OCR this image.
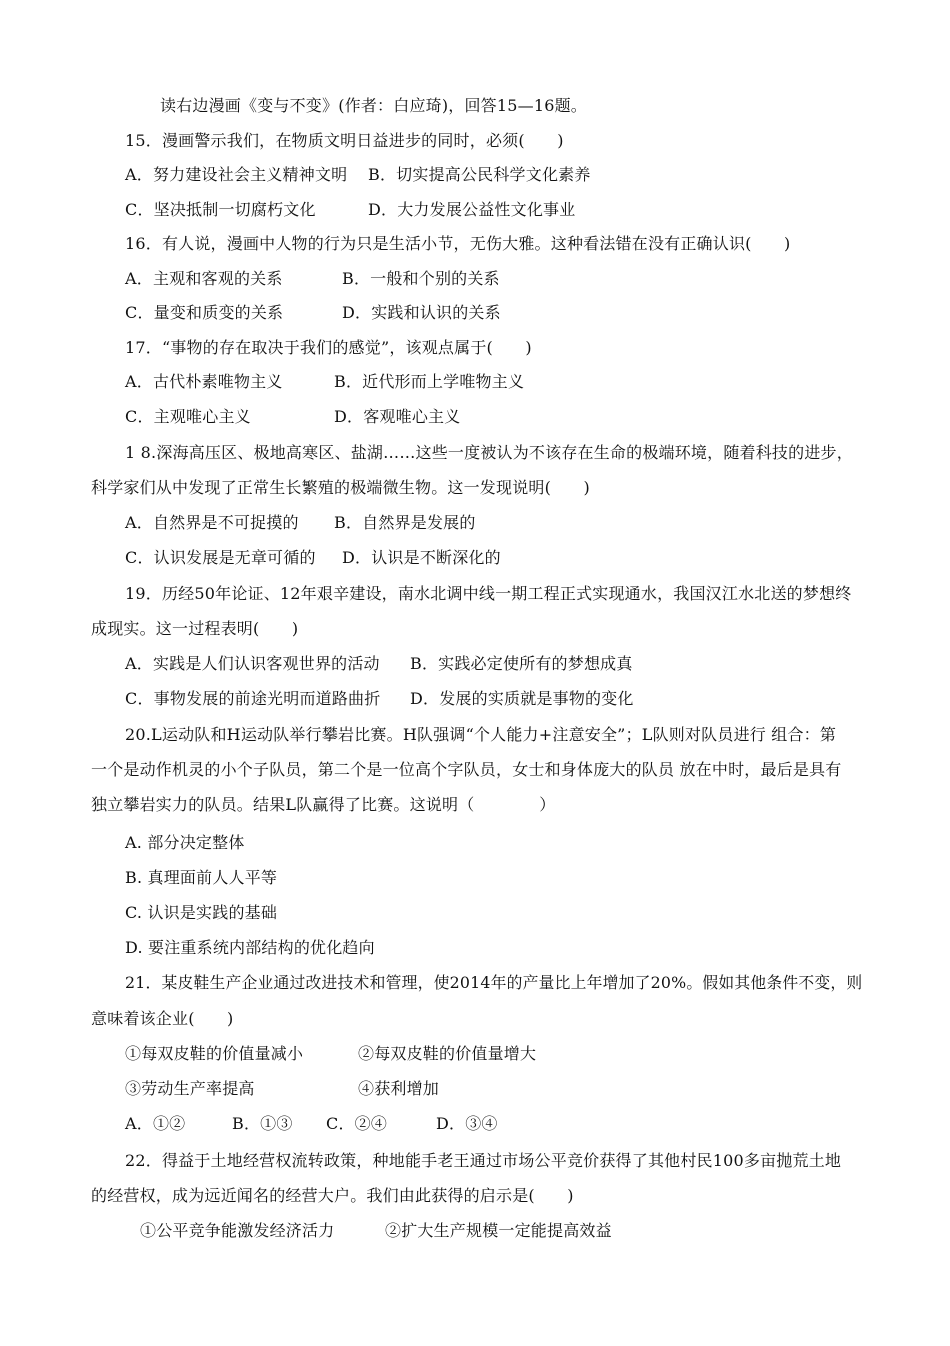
读右边漫画《变与不变》(作者：白应琦)，回答15—16题。
15．漫画警示我们，在物质文明日益进步的同时，必须(　　)
A．努力建设社会主义精神文明 B．切实提高公民科学文化素养
C．坚决抵制一切腐朽文化	D．大力发展公益性文化事业
16．有人说，漫画中人物的行为只是生活小节，无伤大雅。这种看法错在没有正确认识(　　)
A．主观和客观的关系	B．一般和个别的关系
C．量变和质变的关系	D．实践和认识的关系
17．“事物的存在取决于我们的感觉”，该观点属于(　　)
A．古代朴素唯物主义	B．近代形而上学唯物主义
C．主观唯心主义	D．客观唯心主义
1 8.深海高压区、极地高寒区、盐湖……这些一度被认为不该存在生命的极端环境，随着科技的进步，
科学家们从中发现了正常生长繁殖的极端微生物。这一发现说明(　　)
A．自然界是不可捉摸的 B．自然界是发展的
C．认识发展是无章可循的 D．认识是不断深化的
19．历经50年论证、12年艰辛建设，南水北调中线一期工程正式实现通水，我国汉江水北送的梦想终
成现实。这一过程表明(　　)
A．实践是人们认识客观世界的活动 B．实践必定使所有的梦想成真
C．事物发展的前途光明而道路曲折 D．发展的实质就是事物的变化
20.L运动队和H运动队举行攀岩比赛。H队强调“个人能力+注意安全”；L队则对队员进行 组合：第
一个是动作机灵的小个子队员，第二个是一位高个字队员，女士和身体庞大的队员 放在中时，最后是具有
独立攀岩实力的队员。结果L队赢得了比赛。这说明（　　　　）
A. 部分决定整体
B. 真理面前人人平等
C. 认识是实践的基础
D. 要注重系统内部结构的优化趋向
21．某皮鞋生产企业通过改进技术和管理，使2014年的产量比上年增加了20%。假如其他条件不变，则
意味着该企业(　　)
①每双皮鞋的价值量减小	②每双皮鞋的价值量增大
③劳动生产率提高	④获利增加
A．①②	B．①③ C．②④	D．③④
22．得益于土地经营权流转政策，种地能手老王通过市场公平竞价获得了其他村民100多亩抛荒土地
的经营权，成为远近闻名的经营大户。我们由此获得的启示是(　　)
①公平竞争能激发经济活力	②扩大生产规模一定能提高效益
